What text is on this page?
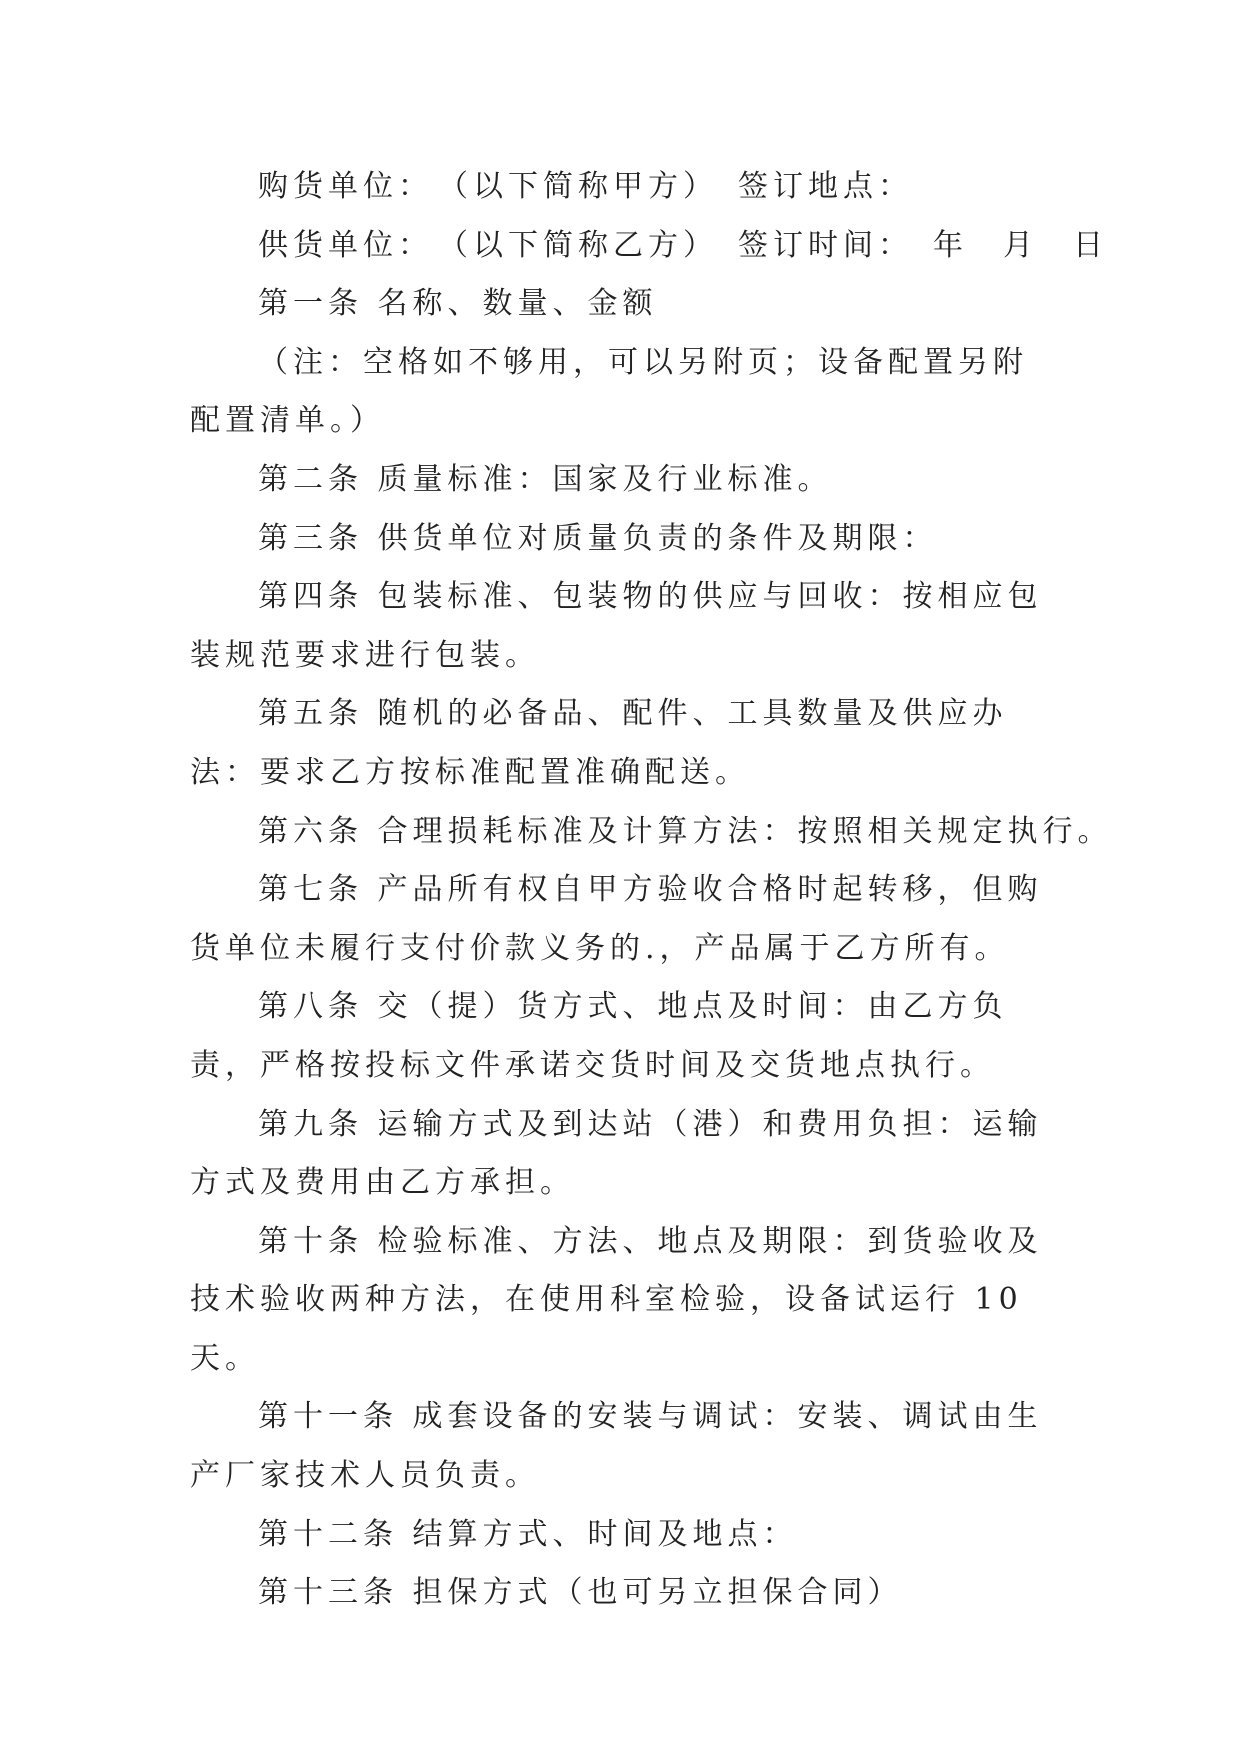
购货单位：　（以下简称甲方）　签订地点：

供货单位：　（以下简称乙方）　签订时间：　年　月　日

第一条 名称、数量、金额

（注：空格如不够用，可以另附页；设备配置另附配置清单。）

第二条 质量标准：国家及行业标准。

第三条 供货单位对质量负责的条件及期限：

第四条 包装标准、包装物的供应与回收：按相应包装规范要求进行包装。

第五条 随机的必备品、配件、工具数量及供应办法：要求乙方按标准配置准确配送。

第六条 合理损耗标准及计算方法：按照相关规定执行。

第七条 产品所有权自甲方验收合格时起转移，但购货单位未履行支付价款义务的.，产品属于乙方所有。

第八条 交（提）货方式、地点及时间：由乙方负责，严格按投标文件承诺交货时间及交货地点执行。

第九条 运输方式及到达站（港）和费用负担：运输方式及费用由乙方承担。

第十条 检验标准、方法、地点及期限：到货验收及技术验收两种方法，在使用科室检验，设备试运行 10 天。

第十一条 成套设备的安装与调试：安装、调试由生产厂家技术人员负责。

第十二条 结算方式、时间及地点：

第十三条 担保方式（也可另立担保合同）
